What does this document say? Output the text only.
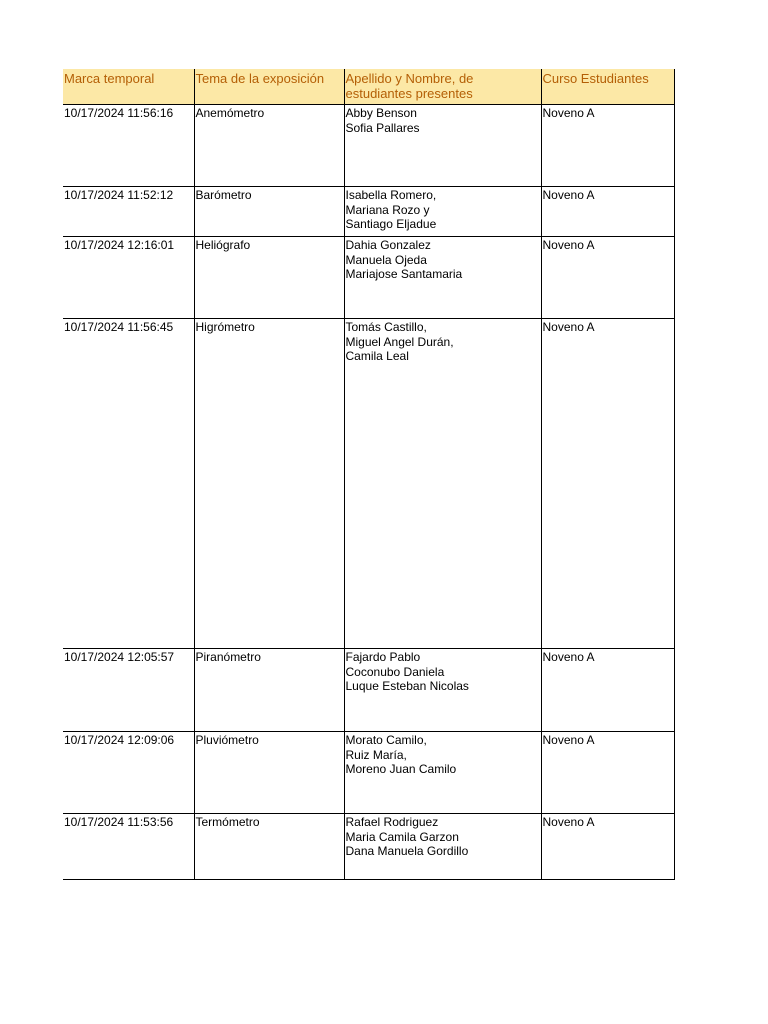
Marca temporal	Tema de la exposición	Apellido y Nombre, de estudiantes presentes	Curso Estudiantes
10/17/2024 11:56:16	Anemómetro	Abby Benson
Sofia Pallares	Noveno A
10/17/2024 11:52:12	Barómetro	Isabella Romero,
Mariana Rozo y
Santiago Eljadue	Noveno A
10/17/2024 12:16:01	Heliógrafo	Dahia Gonzalez
Manuela Ojeda
Mariajose Santamaria	Noveno A
10/17/2024 11:56:45	Higrómetro	Tomás Castillo,
Miguel Angel Durán,
Camila Leal	Noveno A
10/17/2024 12:05:57	Piranómetro	Fajardo Pablo
Coconubo Daniela
Luque Esteban Nicolas	Noveno A
10/17/2024 12:09:06	Pluviómetro	Morato Camilo,
Ruiz María,
Moreno Juan Camilo	Noveno A
10/17/2024 11:53:56	Termómetro	Rafael Rodriguez
Maria Camila Garzon
Dana Manuela Gordillo	Noveno A
